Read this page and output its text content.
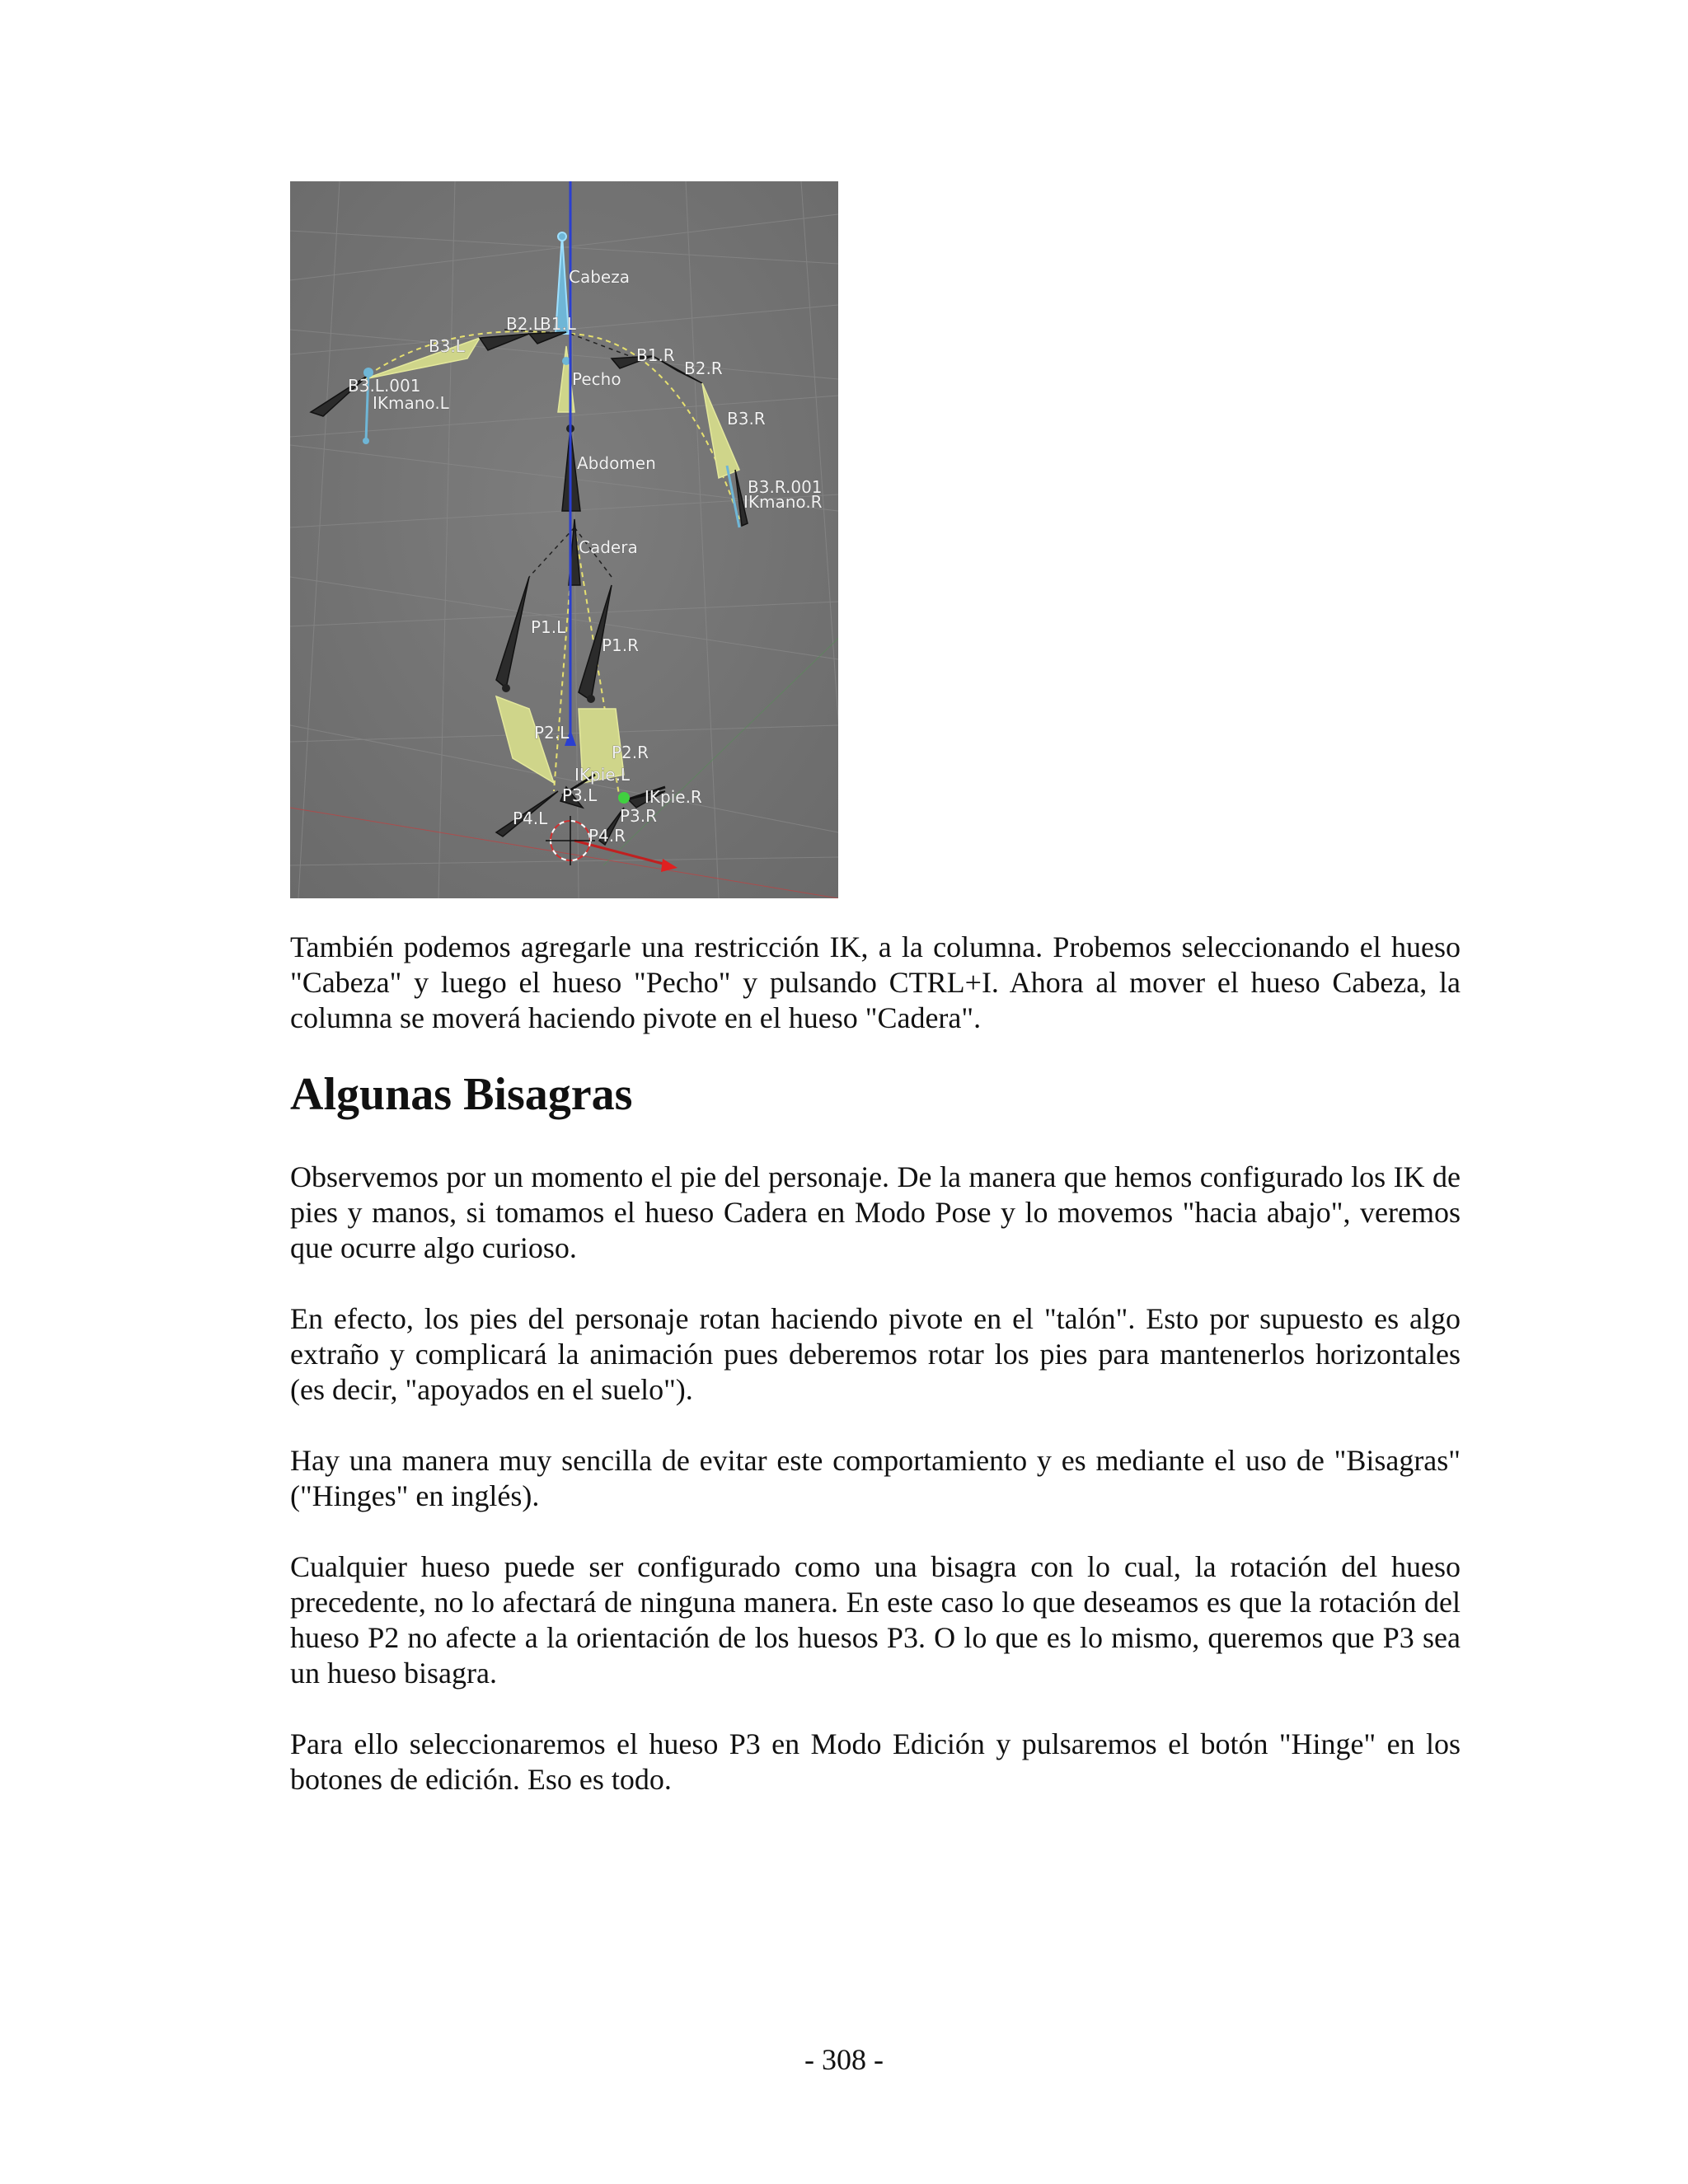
Cabeza
B3.L
B2.L
B1.L
B3.L.001
IKmano.L
Pecho
B1.R
B2.R
B3.R
B3.R.001
IKmano.R
Abdomen
Cadera
P1.L
P1.R
P2.L
P2.R
IKpie.L
IKpie.R
P3.L
P3.R
P4.L
P4.R

También podemos agregarle una restricción IK, a la columna. Probemos seleccionando el hueso "Cabeza" y luego el hueso "Pecho" y pulsando CTRL+I. Ahora al mover el hueso Cabeza, la columna se moverá haciendo pivote en el hueso "Cadera".

Algunas Bisagras

Observemos por un momento el pie del personaje. De la manera que hemos configurado los IK de pies y manos, si tomamos el hueso Cadera en Modo Pose y lo movemos "hacia abajo", veremos que ocurre algo curioso.

En efecto, los pies del personaje rotan haciendo pivote en el "talón". Esto por supuesto es algo extraño y complicará la animación pues deberemos rotar los pies para mantenerlos horizontales (es decir, "apoyados en el suelo").

Hay una manera muy sencilla de evitar este comportamiento y es mediante el uso de "Bisagras" ("Hinges" en inglés).

Cualquier hueso puede ser configurado como una bisagra con lo cual, la rotación del hueso precedente, no lo afectará de ninguna manera. En este caso lo que deseamos es que la rotación del hueso P2 no afecte a la orientación de los huesos P3. O lo que es lo mismo, queremos que P3 sea un hueso bisagra.

Para ello seleccionaremos el hueso P3 en Modo Edición y pulsaremos el botón "Hinge" en los botones de edición. Eso es todo.

- 308 -
